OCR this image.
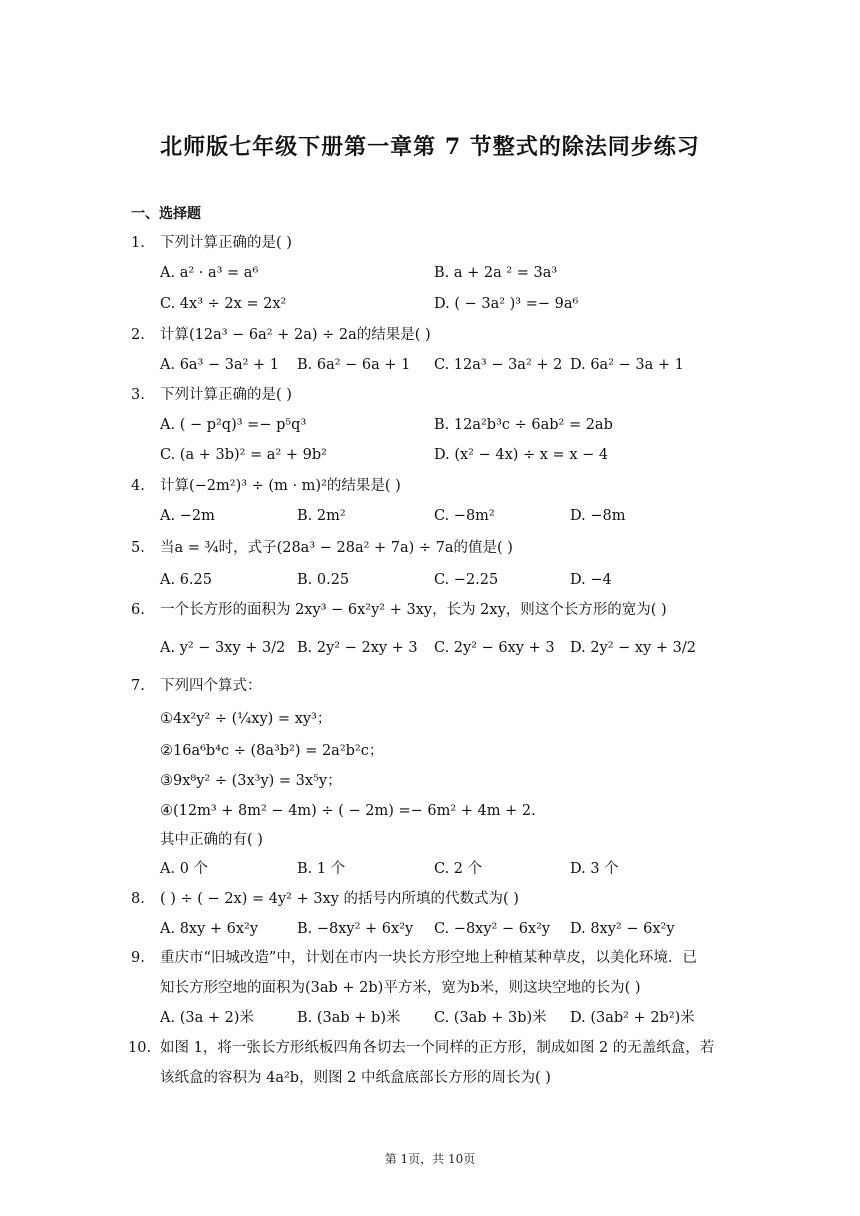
北师版七年级下册第一章第 7 节整式的除法同步练习
一、选择题
1. 下列计算正确的是( )
A. a² · a³ = a⁶	B. a + 2a ² = 3a³
C. 4x³ ÷ 2x = 2x²	D. ( − 3a² )³ =− 9a⁶
2. 计算(12a³ − 6a² + 2a) ÷ 2a的结果是( )
A. 6a³ − 3a² + 1 B. 6a² − 6a + 1 C. 12a³ − 3a² + 2 D. 6a² − 3a + 1
3. 下列计算正确的是( )
A. ( − p²q)³ =− p⁵q³	B. 12a²b³c ÷ 6ab² = 2ab
C. (a + 3b)² = a² + 9b²	D. (x² − 4x) ÷ x = x − 4
4. 计算(−2m²)³ ÷ (m · m)²的结果是( )
A. −2m	B. 2m²	C. −8m²	D. −8m
5. 当a = ¾时，式子(28a³ − 28a² + 7a) ÷ 7a的值是( )
A. 6.25	B. 0.25	C. −2.25	D. −4
6. 一个长方形的面积为 2xy³ − 6x²y² + 3xy，长为 2xy，则这个长方形的宽为( )
A. y² − 3xy + 3/2 B. 2y² − 2xy + 3 C. 2y² − 6xy + 3 D. 2y² − xy + 3/2
7. 下列四个算式：
①4x²y² ÷ (¼xy) = xy³；
②16a⁶b⁴c ÷ (8a³b²) = 2a²b²c；
③9x⁸y² ÷ (3x³y) = 3x⁵y；
④(12m³ + 8m² − 4m) ÷ ( − 2m) =− 6m² + 4m + 2.
其中正确的有( )
A. 0 个	B. 1 个	C. 2 个	D. 3 个
8. ( ) ÷ ( − 2x) = 4y² + 3xy 的括号内所填的代数式为( )
A. 8xy + 6x²y	B. −8xy² + 6x²y C. −8xy² − 6x²y D. 8xy² − 6x²y
9. 重庆市“旧城改造”中，计划在市内一块长方形空地上种植某种草皮，以美化环境．已
知长方形空地的面积为(3ab + 2b)平方米，宽为b米，则这块空地的长为( )
A. (3a + 2)米	B. (3ab + b)米 C. (3ab + 3b)米 D. (3ab² + 2b²)米
10. 如图 1，将一张长方形纸板四角各切去一个同样的正方形，制成如图 2 的无盖纸盒，若
该纸盒的容积为 4a²b，则图 2 中纸盒底部长方形的周长为( )
第 1页，共 10页
